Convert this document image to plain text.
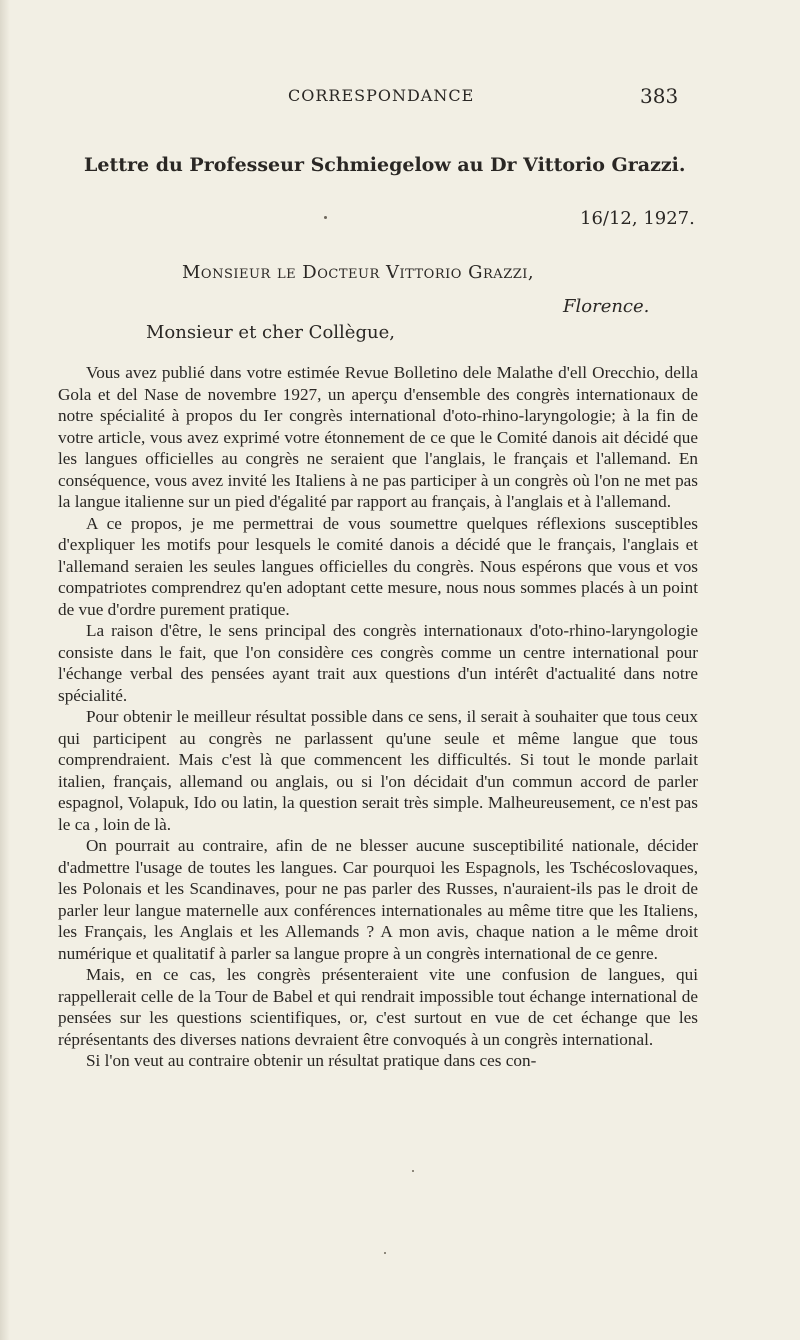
CORRESPONDANCE	383
Lettre du Professeur Schmiegelow au Dr Vittorio Grazzi.
16/12, 1927.
Monsieur le Docteur Vittorio Grazzi,
Florence.
Monsieur et cher Collègue,

Vous avez publié dans votre estimée Revue Bolletino dele Malathe d'ell Orecchio, della Gola et del Nase de novembre 1927, un aperçu d'ensemble des congrès internationaux de notre spécialité à propos du Ier congrès international d'oto-rhino-laryngologie; à la fin de votre article, vous avez exprimé votre étonnement de ce que le Comité danois ait décidé que les langues officielles au congrès ne seraient que l'anglais, le français et l'allemand. En conséquence, vous avez invité les Italiens à ne pas participer à un congrès où l'on ne met pas la langue italienne sur un pied d'égalité par rapport au français, à l'anglais et à l'allemand.

A ce propos, je me permettrai de vous soumettre quelques réflexions susceptibles d'expliquer les motifs pour lesquels le comité danois a décidé que le français, l'anglais et l'allemand seraien les seules langues officielles du congrès. Nous espérons que vous et vos compatriotes comprendrez qu'en adoptant cette mesure, nous nous sommes placés à un point de vue d'ordre purement pratique.

La raison d'être, le sens principal des congrès internationaux d'oto-rhino-laryngologie consiste dans le fait, que l'on considère ces congrès comme un centre international pour l'échange verbal des pensées ayant trait aux questions d'un intérêt d'actualité dans notre spécialité.

Pour obtenir le meilleur résultat possible dans ce sens, il serait à souhaiter que tous ceux qui participent au congrès ne parlassent qu'une seule et même langue que tous comprendraient. Mais c'est là que commencent les difficultés. Si tout le monde parlait italien, français, allemand ou anglais, ou si l'on décidait d'un commun accord de parler espagnol, Volapuk, Ido ou latin, la question serait très simple. Malheureusement, ce n'est pas le ca , loin de là.

On pourrait au contraire, afin de ne blesser aucune susceptibilité nationale, décider d'admettre l'usage de toutes les langues. Car pourquoi les Espagnols, les Tschécoslovaques, les Polonais et les Scandinaves, pour ne pas parler des Russes, n'auraient-ils pas le droit de parler leur langue maternelle aux conférences internationales au même titre que les Italiens, les Français, les Anglais et les Allemands ? A mon avis, chaque nation a le même droit numérique et qualitatif à parler sa langue propre à un congrès international de ce genre.

Mais, en ce cas, les congrès présenteraient vite une confusion de langues, qui rappellerait celle de la Tour de Babel et qui rendrait impossible tout échange international de pensées sur les questions scientifiques, or, c'est surtout en vue de cet échange que les réprésentants des diverses nations devraient être convoqués à un congrès international.

Si l'on veut au contraire obtenir un résultat pratique dans ces con-
